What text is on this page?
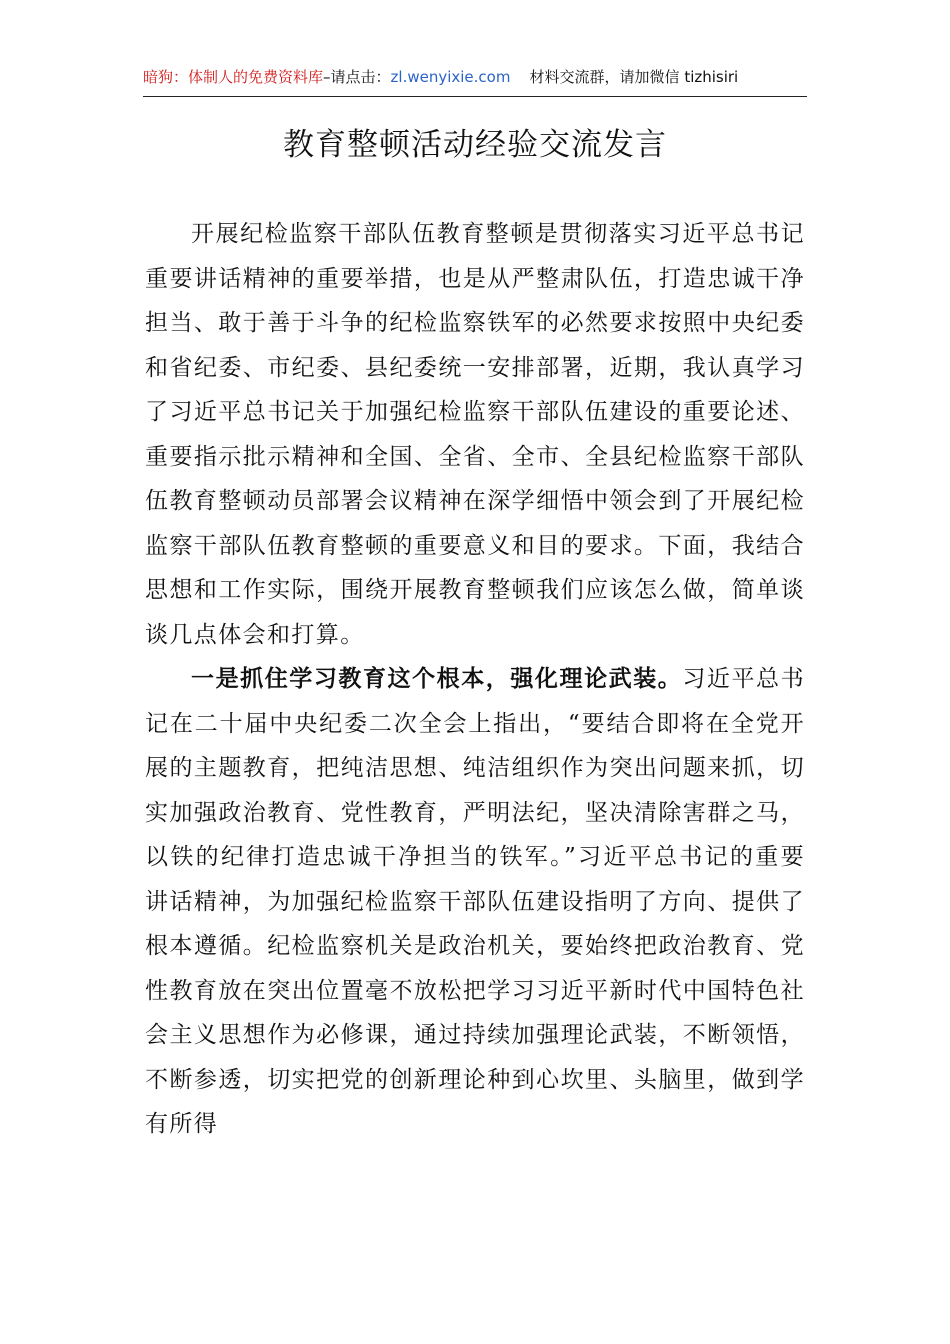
暗狗：体制人的免费资料库–请点击：zl.wenyixie.com 材料交流群，请加微信 tizhisiri
教育整顿活动经验交流发言

开展纪检监察干部队伍教育整顿是贯彻落实习近平总书记重要讲话精神的重要举措，也是从严整肃队伍，打造忠诚干净担当、敢于善于斗争的纪检监察铁军的必然要求按照中央纪委和省纪委、市纪委、县纪委统一安排部署，近期，我认真学习了习近平总书记关于加强纪检监察干部队伍建设的重要论述、重要指示批示精神和全国、全省、全市、全县纪检监察干部队伍教育整顿动员部署会议精神在深学细悟中领会到了开展纪检监察干部队伍教育整顿的重要意义和目的要求。下面，我结合思想和工作实际，围绕开展教育整顿我们应该怎么做，简单谈谈几点体会和打算。

一是抓住学习教育这个根本，强化理论武装。习近平总书记在二十届中央纪委二次全会上指出，“要结合即将在全党开展的主题教育，把纯洁思想、纯洁组织作为突出问题来抓，切实加强政治教育、党性教育，严明法纪，坚决清除害群之马，以铁的纪律打造忠诚干净担当的铁军。”习近平总书记的重要讲话精神，为加强纪检监察干部队伍建设指明了方向、提供了根本遵循。纪检监察机关是政治机关，要始终把政治教育、党性教育放在突出位置毫不放松把学习习近平新时代中国特色社会主义思想作为必修课，通过持续加强理论武装，不断领悟，不断参透，切实把党的创新理论种到心坎里、头脑里，做到学有所得
